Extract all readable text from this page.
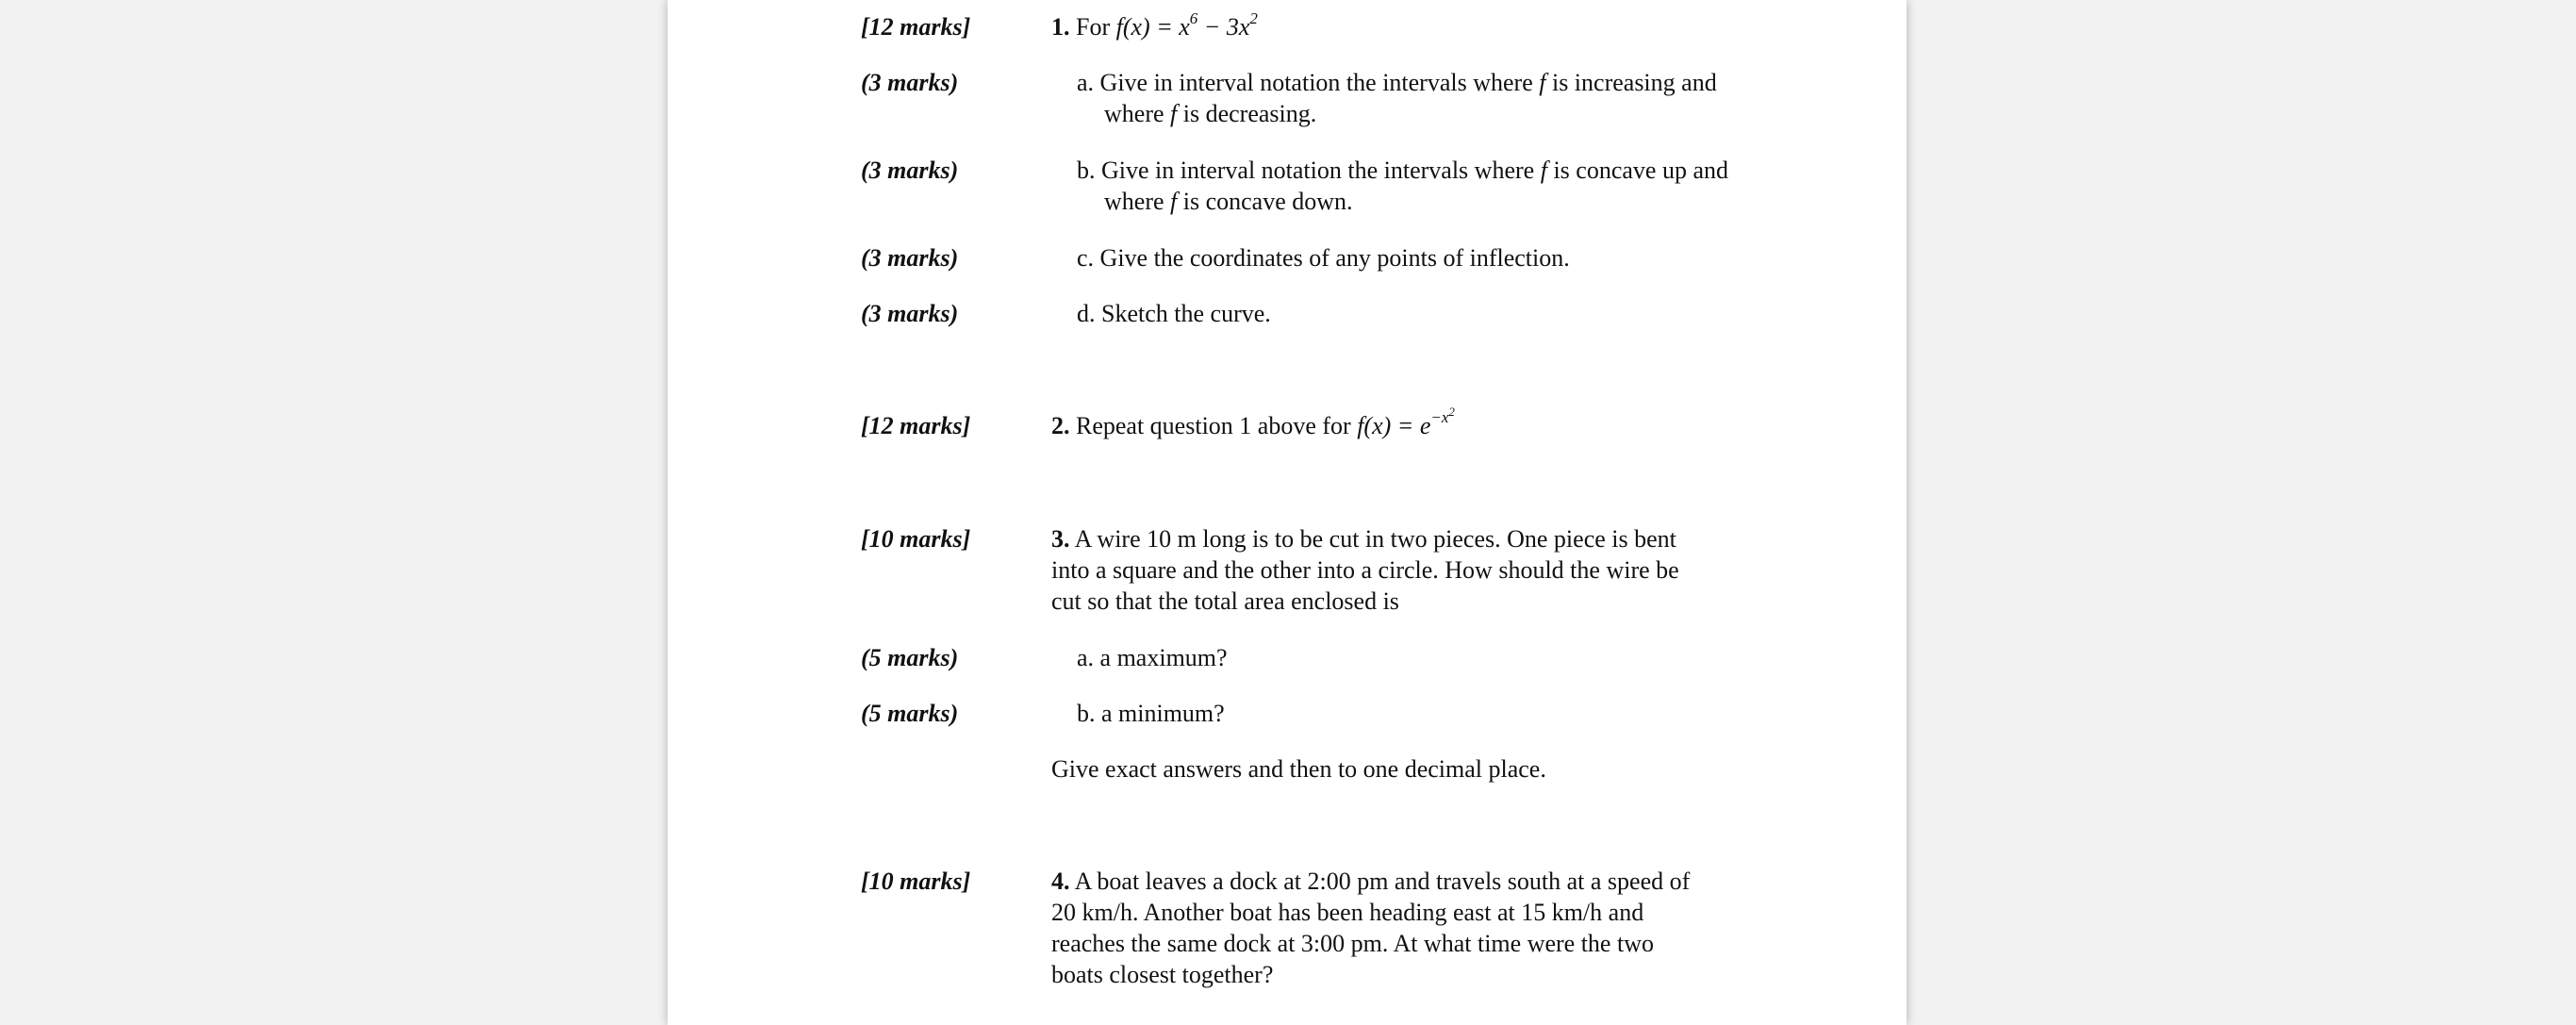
[12 marks]	1. For $f(x) = x^6 - 3x^2$
(3 marks)	a. Give in interval notation the intervals where f is increasing and where f is decreasing.
(3 marks)	b. Give in interval notation the intervals where f is concave up and where f is concave down.
(3 marks)	c. Give the coordinates of any points of inflection.
(3 marks)	d. Sketch the curve.
[12 marks]	2. Repeat question 1 above for $f(x) = e^{-x^2}$
[10 marks]	3. A wire 10 m long is to be cut in two pieces. One piece is bent into a square and the other into a circle. How should the wire be cut so that the total area enclosed is
(5 marks)	a. a maximum?
(5 marks)	b. a minimum?
Give exact answers and then to one decimal place.
[10 marks]	4. A boat leaves a dock at 2:00 pm and travels south at a speed of 20 km/h. Another boat has been heading east at 15 km/h and reaches the same dock at 3:00 pm. At what time were the two boats closest together?
